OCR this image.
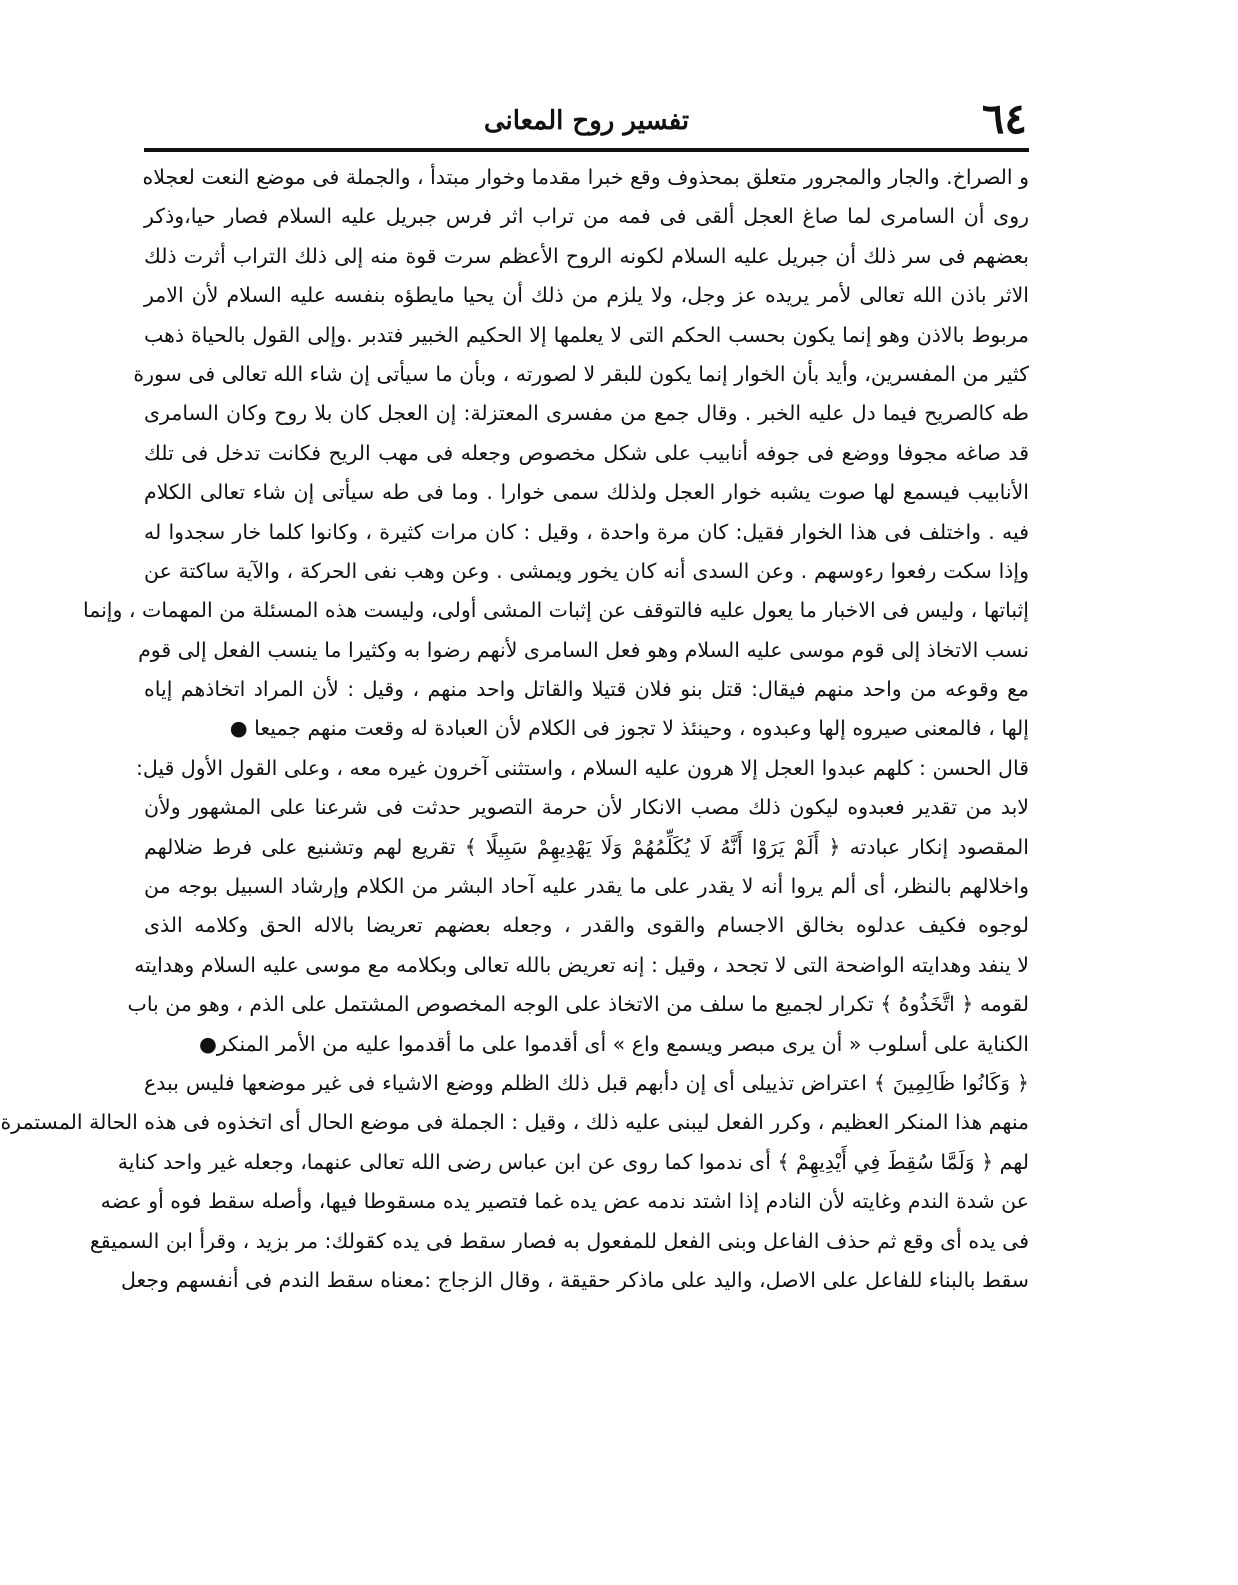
٦٤
تفسير روح المعانى
و الصراخ. والجار والمجرور متعلق بمحذوف وقع خبرا مقدما وخوار مبتدأ ، والجملة فى موضع النعت لعجلاه
روى أن السامرى لما صاغ العجل ألقى فى فمه من تراب اثر فرس جبريل عليه السلام فصار حيا،وذكر
بعضهم فى سر ذلك أن جبريل عليه السلام لكونه الروح الأعظم سرت قوة منه إلى ذلك التراب أثرت ذلك
الاثر باذن الله تعالى لأمر يريده عز وجل، ولا يلزم من ذلك أن يحيا مايطؤه بنفسه عليه السلام لأن الامر
مربوط بالاذن وهو إنما يكون بحسب الحكم التى لا يعلمها إلا الحكيم الخبير فتدبر .وإلى القول بالحياة ذهب
كثير من المفسرين، وأيد بأن الخوار إنما يكون للبقر لا لصورته ، وبأن ما سيأتى إن شاء الله تعالى فى سورة
طه كالصريح فيما دل عليه الخبر . وقال جمع من مفسرى المعتزلة: إن العجل كان بلا روح وكان السامرى
قد صاغه مجوفا ووضع فى جوفه أنابيب على شكل مخصوص وجعله فى مهب الريح فكانت تدخل فى تلك
الأنابيب فيسمع لها صوت يشبه خوار العجل ولذلك سمى خوارا . وما فى طه سيأتى إن شاء تعالى الكلام
فيه . واختلف فى هذا الخوار فقيل: كان مرة واحدة ، وقيل : كان مرات كثيرة ، وكانوا كلما خار سجدوا له
وإذا سكت رفعوا رءوسهم . وعن السدى أنه كان يخور ويمشى . وعن وهب نفى الحركة ، والآية ساكتة عن
إثباتها ، وليس فى الاخبار ما يعول عليه فالتوقف عن إثبات المشى أولى، وليست هذه المسئلة من المهمات ، وإنما
نسب الاتخاذ إلى قوم موسى عليه السلام وهو فعل السامرى لأنهم رضوا به وكثيرا ما ينسب الفعل إلى قوم
مع وقوعه من واحد منهم فيقال: قتل بنو فلان قتيلا والقاتل واحد منهم ، وقيل : لأن المراد اتخاذهم إياه
إلها ، فالمعنى صيروه إلها وعبدوه ، وحينئذ لا تجوز فى الكلام لأن العبادة له وقعت منهم جميعا ●
قال الحسن : كلهم عبدوا العجل إلا هرون عليه السلام ، واستثنى آخرون غيره معه ، وعلى القول الأول قيل:
لابد من تقدير فعبدوه ليكون ذلك مصب الانكار لأن حرمة التصوير حدثت فى شرعنا على المشهور ولأن
المقصود إنكار عبادته ﴿ أَلَمْ يَرَوْا أَنَّهُ لَا يُكَلِّمُهُمْ وَلَا يَهْدِيهِمْ سَبِيلًا ﴾ تقريع لهم وتشنيع على فرط ضلالهم
واخلالهم بالنظر، أى ألم يروا أنه لا يقدر على ما يقدر عليه آحاد البشر من الكلام وإرشاد السبيل بوجه من
لوجوه فكيف عدلوه بخالق الاجسام والقوى والقدر ، وجعله بعضهم تعريضا بالاله الحق وكلامه الذى
لا ينفد وهدايته الواضحة التى لا تجحد ، وقيل : إنه تعريض بالله تعالى وبكلامه مع موسى عليه السلام وهدايته
لقومه ﴿ اتَّخَذُوهُ ﴾ تكرار لجميع ما سلف من الاتخاذ على الوجه المخصوص المشتمل على الذم ، وهو من باب
الكناية على أسلوب « أن يرى مبصر ويسمع واع » أى أقدموا على ما أقدموا عليه من الأمر المنكر●
﴿ وَكَانُوا ظَالِمِينَ ﴾ اعتراض تذييلى أى إن دأبهم قبل ذلك الظلم ووضع الاشياء فى غير موضعها فليس ببدع
منهم هذا المنكر العظيم ، وكرر الفعل ليبنى عليه ذلك ، وقيل : الجملة فى موضع الحال أى اتخذوه فى هذه الحالة المستمرة
لهم ﴿ وَلَمَّا سُقِطَ فِي أَيْدِيهِمْ ﴾ أى ندموا كما روى عن ابن عباس رضى الله تعالى عنهما، وجعله غير واحد كناية
عن شدة الندم وغايته لأن النادم إذا اشتد ندمه عض يده غما فتصير يده مسقوطا فيها، وأصله سقط فوه أو عضه
فى يده أى وقع ثم حذف الفاعل وبنى الفعل للمفعول به فصار سقط فى يده كقولك: مر بزيد ، وقرأ ابن السميقع
سقط بالبناء للفاعل على الاصل، واليد على ماذكر حقيقة ، وقال الزجاج :معناه سقط الندم فى أنفسهم وجعل
